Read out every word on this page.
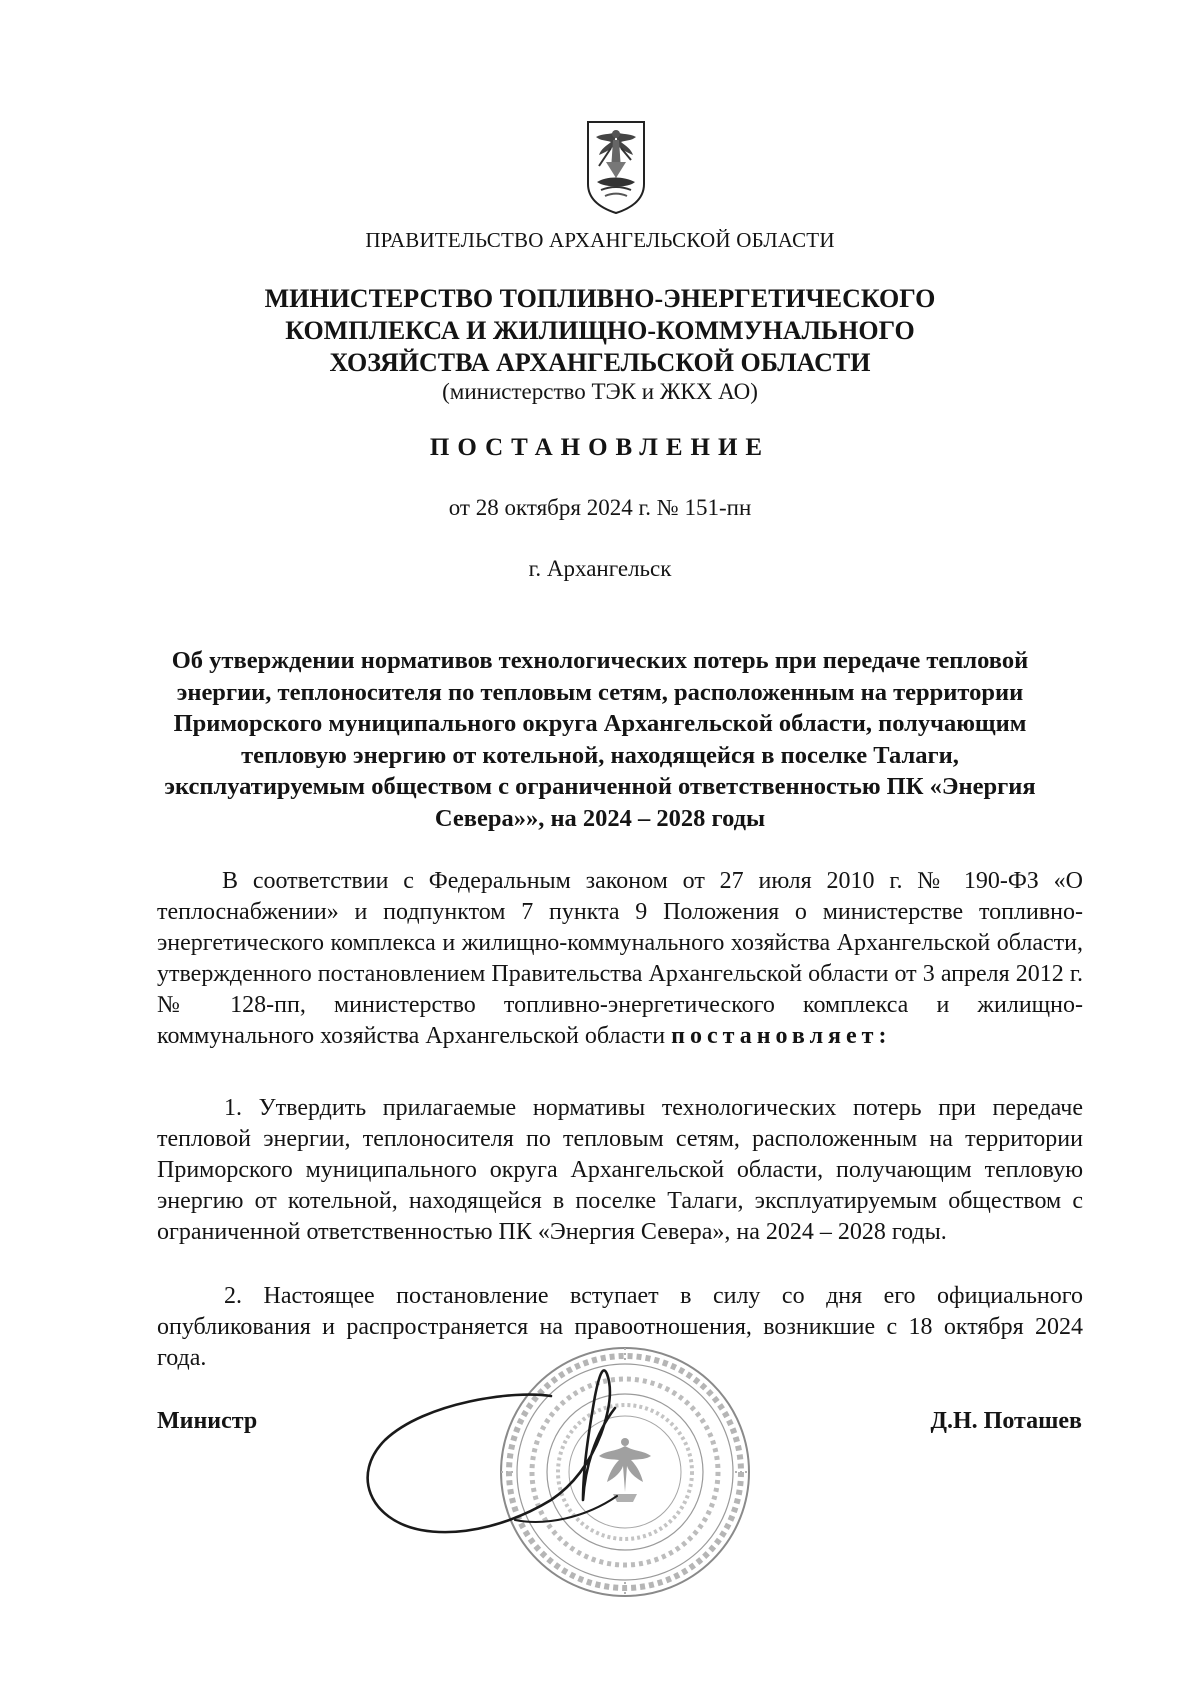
ПРАВИТЕЛЬСТВО АРХАНГЕЛЬСКОЙ ОБЛАСТИ
МИНИСТЕРСТВО ТОПЛИВНО-ЭНЕРГЕТИЧЕСКОГО
КОМПЛЕКСА И ЖИЛИЩНО-КОММУНАЛЬНОГО
ХОЗЯЙСТВА АРХАНГЕЛЬСКОЙ ОБЛАСТИ
(министерство ТЭК и ЖКХ АО)
ПОСТАНОВЛЕНИЕ
от 28 октября 2024 г. № 151-пн
г. Архангельск
Об утверждении нормативов технологических потерь при передаче тепловой энергии, теплоносителя по тепловым сетям, расположенным на территории Приморского муниципального округа Архангельской области, получающим тепловую энергию от котельной, находящейся в поселке Талаги, эксплуатируемым обществом с ограниченной ответственностью ПК «Энергия Севера»», на 2024 – 2028 годы
В соответствии с Федеральным законом от 27 июля 2010 г. № 190-ФЗ «О теплоснабжении» и подпунктом 7 пункта 9 Положения о министерстве топливно-энергетического комплекса и жилищно-коммунального хозяйства Архангельской области, утвержденного постановлением Правительства Архангельской области от 3 апреля 2012 г. № 128-пп, министерство топливно-энергетического комплекса и жилищно-коммунального хозяйства Архангельской области постановляет:
1. Утвердить прилагаемые нормативы технологических потерь при передаче тепловой энергии, теплоносителя по тепловым сетям, расположенным на территории Приморского муниципального округа Архангельской области, получающим тепловую энергию от котельной, находящейся в поселке Талаги, эксплуатируемым обществом с ограниченной ответственностью ПК «Энергия Севера», на 2024 – 2028 годы.
2. Настоящее постановление вступает в силу со дня его официального опубликования и распространяется на правоотношения, возникшие с 18 октября 2024 года.
Министр	Д.Н. Поташев
